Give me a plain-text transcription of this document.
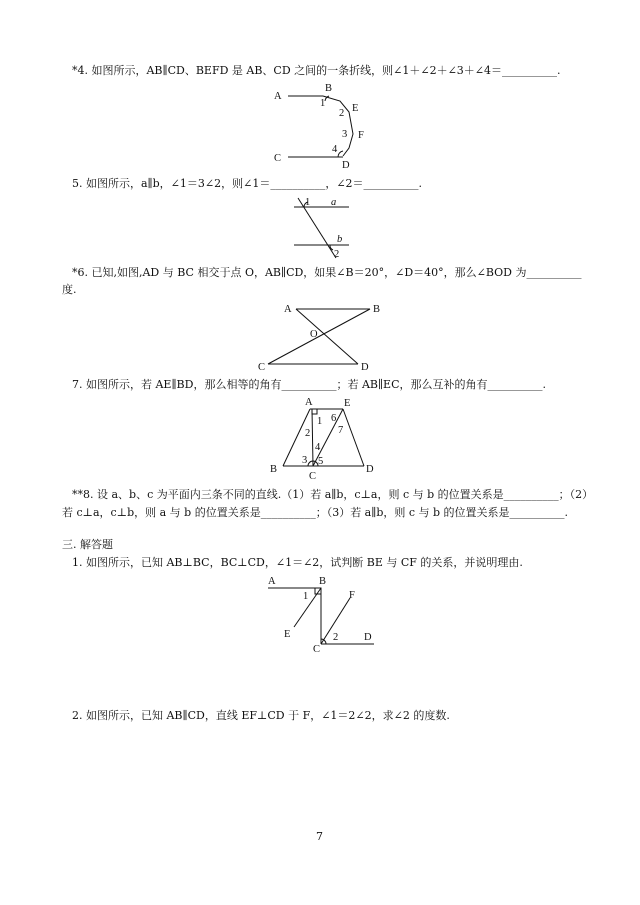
*4. 如图所示，AB∥CD、BEFD 是 AB、CD 之间的一条折线，则∠1＋∠2＋∠3＋∠4＝__________.
A
B
E
F
C
D
1
2
3
4
5. 如图所示，a∥b，∠1＝3∠2，则∠1＝__________，∠2＝__________.
1 a
b
2
*6. 已知,如图,AD 与 BC 相交于点 O，AB∥CD，如果∠B＝20°，∠D＝40°，那么∠BOD 为__________
度.
A	B
O
C	D
7. 如图所示，若 AE∥BD，那么相等的角有__________；若 AB∥EC，那么互补的角有__________.
A	E
1 6
2	7
4
3 5
B
C
D
**8. 设 a、b、c 为平面内三条不同的直线.（1）若 a∥b，c⊥a，则 c 与 b 的位置关系是__________；（2）
若 c⊥a，c⊥b，则 a 与 b 的位置关系是__________；（3）若 a∥b，则 c 与 b 的位置关系是__________.
三. 解答题
1. 如图所示，已知 AB⊥BC，BC⊥CD，∠1＝∠2，试判断 BE 与 CF 的关系，并说明理由.
A	B
1	F
E	2 D
C
2. 如图所示，已知 AB∥CD，直线 EF⊥CD 于 F，∠1＝2∠2，求∠2 的度数.
7
